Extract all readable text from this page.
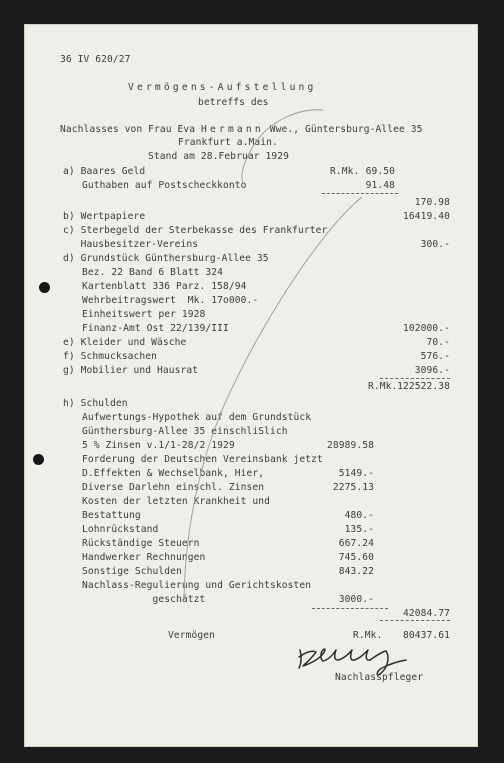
36 IV 620/27
Vermögens-Aufstellung
betreffs des
Nachlasses von Frau Eva Hermann Wwe., Güntersburg-Allee 35
Frankfurt a.Main.
Stand am 28.Februar 1929
a) Baares Geld	R.Mk. 69.50
Guthaben auf Postscheckkonto	91.48
170.98
b) Wertpapiere	16419.40
c) Sterbegeld der Sterbekasse des Frankfurter
Hausbesitzer-Vereins	300.-
d) Grundstück Günthersburg-Allee 35
Bez. 22 Band 6 Blatt 324
Kartenblatt 336 Parz. 158/94
Wehrbeitragswert  Mk. 17o000.-
Einheitswert per 1928
Finanz-Amt Ost 22/139/III	102000.-
e) Kleider und Wäsche	70.-
f) Schmucksachen	576.-
g) Mobilier und Hausrat	3096.-
R.Mk. 122522.38
h) Schulden
Aufwertungs-Hypothek auf dem Grundstück
Günthersburg-Allee 35 einschliSlich
5 % Zinsen v.1/1-28/2 1929	28989.58
Forderung der Deutschen Vereinsbank jetzt
D.Effekten & Wechselbank, Hier,	5149.-
Diverse Darlehn einschl. Zinsen	2275.13
Kosten der letzten Krankheit und
Bestattung	480.-
Lohnrückstand	135.-
Rückständige Steuern	667.24
Handwerker Rechnungen	745.60
Sonstige Schulden	843.22
Nachlass-Regulierung und Gerichtskosten
geschätzt	3000.-
42084.77
Vermögen	R.Mk.	80437.61
Nachlasspfleger
